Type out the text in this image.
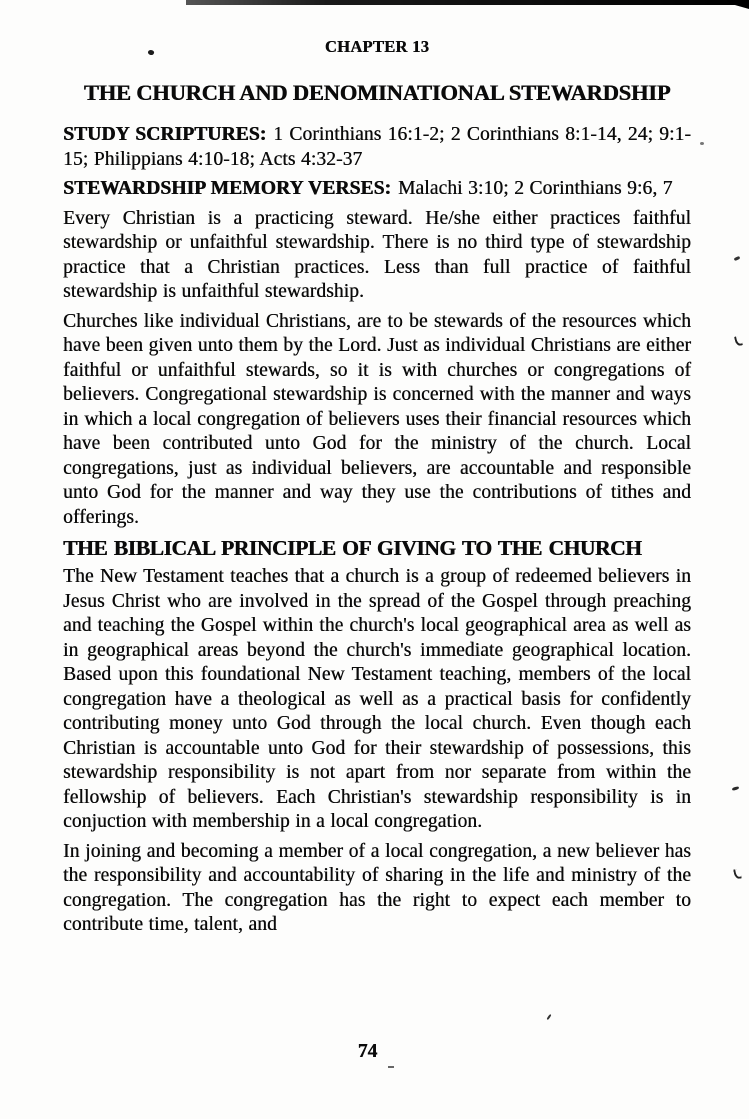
CHAPTER 13
THE CHURCH AND DENOMINATIONAL STEWARDSHIP

STUDY SCRIPTURES: 1 Corinthians 16:1-2; 2 Corinthians 8:1-14, 24; 9:1-15; Philippians 4:10-18; Acts 4:32-37

STEWARDSHIP MEMORY VERSES: Malachi 3:10; 2 Corinthians 9:6, 7

Every Christian is a practicing steward. He/she either practices faithful stewardship or unfaithful stewardship. There is no third type of stewardship practice that a Christian practices. Less than full practice of faithful stewardship is unfaithful stewardship.

Churches like individual Christians, are to be stewards of the resources which have been given unto them by the Lord. Just as individual Christians are either faithful or unfaithful stewards, so it is with churches or congregations of believers. Congregational stewardship is concerned with the manner and ways in which a local congregation of believers uses their financial resources which have been contributed unto God for the ministry of the church. Local congregations, just as individual believers, are accountable and responsible unto God for the manner and way they use the contributions of tithes and offerings.

THE BIBLICAL PRINCIPLE OF GIVING TO THE CHURCH

The New Testament teaches that a church is a group of redeemed believers in Jesus Christ who are involved in the spread of the Gospel through preaching and teaching the Gospel within the church's local geographical area as well as in geographical areas beyond the church's immediate geographical location. Based upon this foundational New Testament teaching, members of the local congregation have a theological as well as a practical basis for confidently contributing money unto God through the local church. Even though each Christian is accountable unto God for their stewardship of possessions, this stewardship responsibility is not apart from nor separate from within the fellowship of believers. Each Christian's stewardship responsibility is in conjuction with membership in a local congregation.

In joining and becoming a member of a local congregation, a new believer has the responsibility and accountability of sharing in the life and ministry of the congregation. The congregation has the right to expect each member to contribute time, talent, and

74
